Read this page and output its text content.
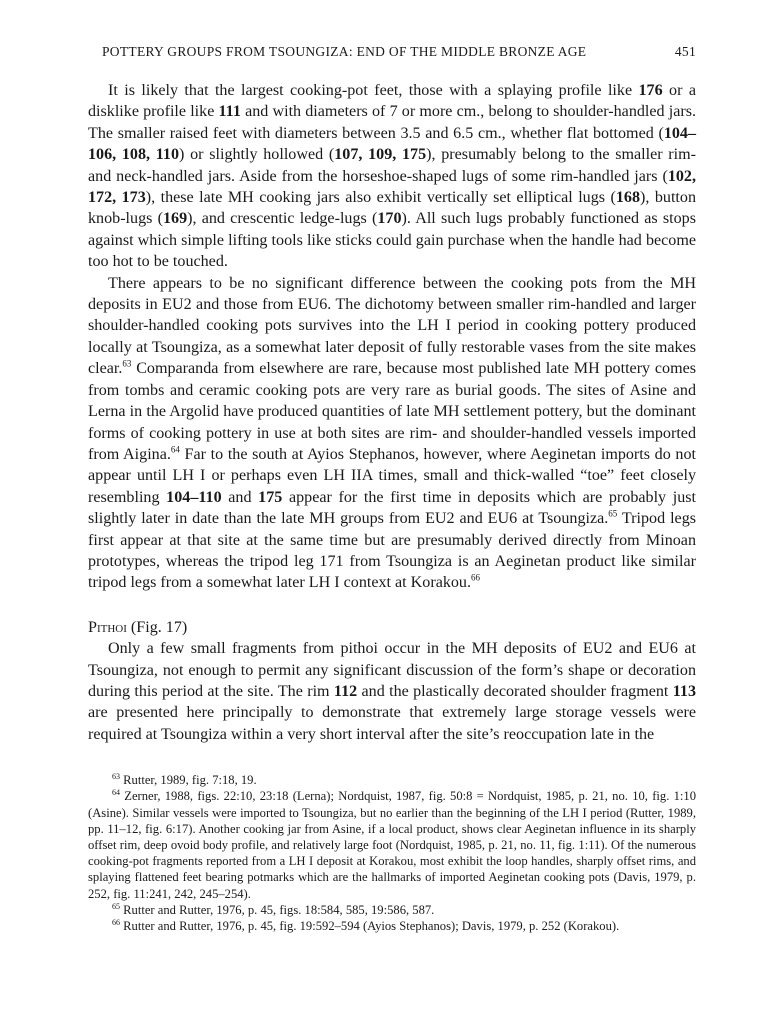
POTTERY GROUPS FROM TSOUNGIZA: END OF THE MIDDLE BRONZE AGE	451

It is likely that the largest cooking-pot feet, those with a splaying profile like 176 or a disklike profile like 111 and with diameters of 7 or more cm., belong to shoulder-handled jars. The smaller raised feet with diameters between 3.5 and 6.5 cm., whether flat bottomed (104–106, 108, 110) or slightly hollowed (107, 109, 175), presumably belong to the smaller rim- and neck-handled jars. Aside from the horseshoe-shaped lugs of some rim-handled jars (102, 172, 173), these late MH cooking jars also exhibit vertically set elliptical lugs (168), button knob-lugs (169), and crescentic ledge-lugs (170). All such lugs probably functioned as stops against which simple lifting tools like sticks could gain purchase when the handle had become too hot to be touched.

There appears to be no significant difference between the cooking pots from the MH deposits in EU2 and those from EU6. The dichotomy between smaller rim-handled and larger shoulder-handled cooking pots survives into the LH I period in cooking pottery produced locally at Tsoungiza, as a somewhat later deposit of fully restorable vases from the site makes clear.$^{63}$ Comparanda from elsewhere are rare, because most published late MH pottery comes from tombs and ceramic cooking pots are very rare as burial goods. The sites of Asine and Lerna in the Argolid have produced quantities of late MH settlement pottery, but the dominant forms of cooking pottery in use at both sites are rim- and shoulder-handled vessels imported from Aigina.$^{64}$ Far to the south at Ayios Stephanos, however, where Aeginetan imports do not appear until LH I or perhaps even LH IIA times, small and thick-walled “toe” feet closely resembling 104–110 and 175 appear for the first time in deposits which are probably just slightly later in date than the late MH groups from EU2 and EU6 at Tsoungiza.$^{65}$ Tripod legs first appear at that site at the same time but are presumably derived directly from Minoan prototypes, whereas the tripod leg 171 from Tsoungiza is an Aeginetan product like similar tripod legs from a somewhat later LH I context at Korakou.$^{66}$

Pithoi (Fig. 17)

Only a few small fragments from pithoi occur in the MH deposits of EU2 and EU6 at Tsoungiza, not enough to permit any significant discussion of the form’s shape or decoration during this period at the site. The rim 112 and the plastically decorated shoulder fragment 113 are presented here principally to demonstrate that extremely large storage vessels were required at Tsoungiza within a very short interval after the site’s reoccupation late in the

$^{63}$ Rutter, 1989, fig. 7:18, 19.

$^{64}$ Zerner, 1988, figs. 22:10, 23:18 (Lerna); Nordquist, 1987, fig. 50:8 = Nordquist, 1985, p. 21, no. 10, fig. 1:10 (Asine). Similar vessels were imported to Tsoungiza, but no earlier than the beginning of the LH I period (Rutter, 1989, pp. 11–12, fig. 6:17). Another cooking jar from Asine, if a local product, shows clear Aeginetan influence in its sharply offset rim, deep ovoid body profile, and relatively large foot (Nordquist, 1985, p. 21, no. 11, fig. 1:11). Of the numerous cooking-pot fragments reported from a LH I deposit at Korakou, most exhibit the loop handles, sharply offset rims, and splaying flattened feet bearing potmarks which are the hallmarks of imported Aeginetan cooking pots (Davis, 1979, p. 252, fig. 11:241, 242, 245–254).

$^{65}$ Rutter and Rutter, 1976, p. 45, figs. 18:584, 585, 19:586, 587.

$^{66}$ Rutter and Rutter, 1976, p. 45, fig. 19:592–594 (Ayios Stephanos); Davis, 1979, p. 252 (Korakou).
